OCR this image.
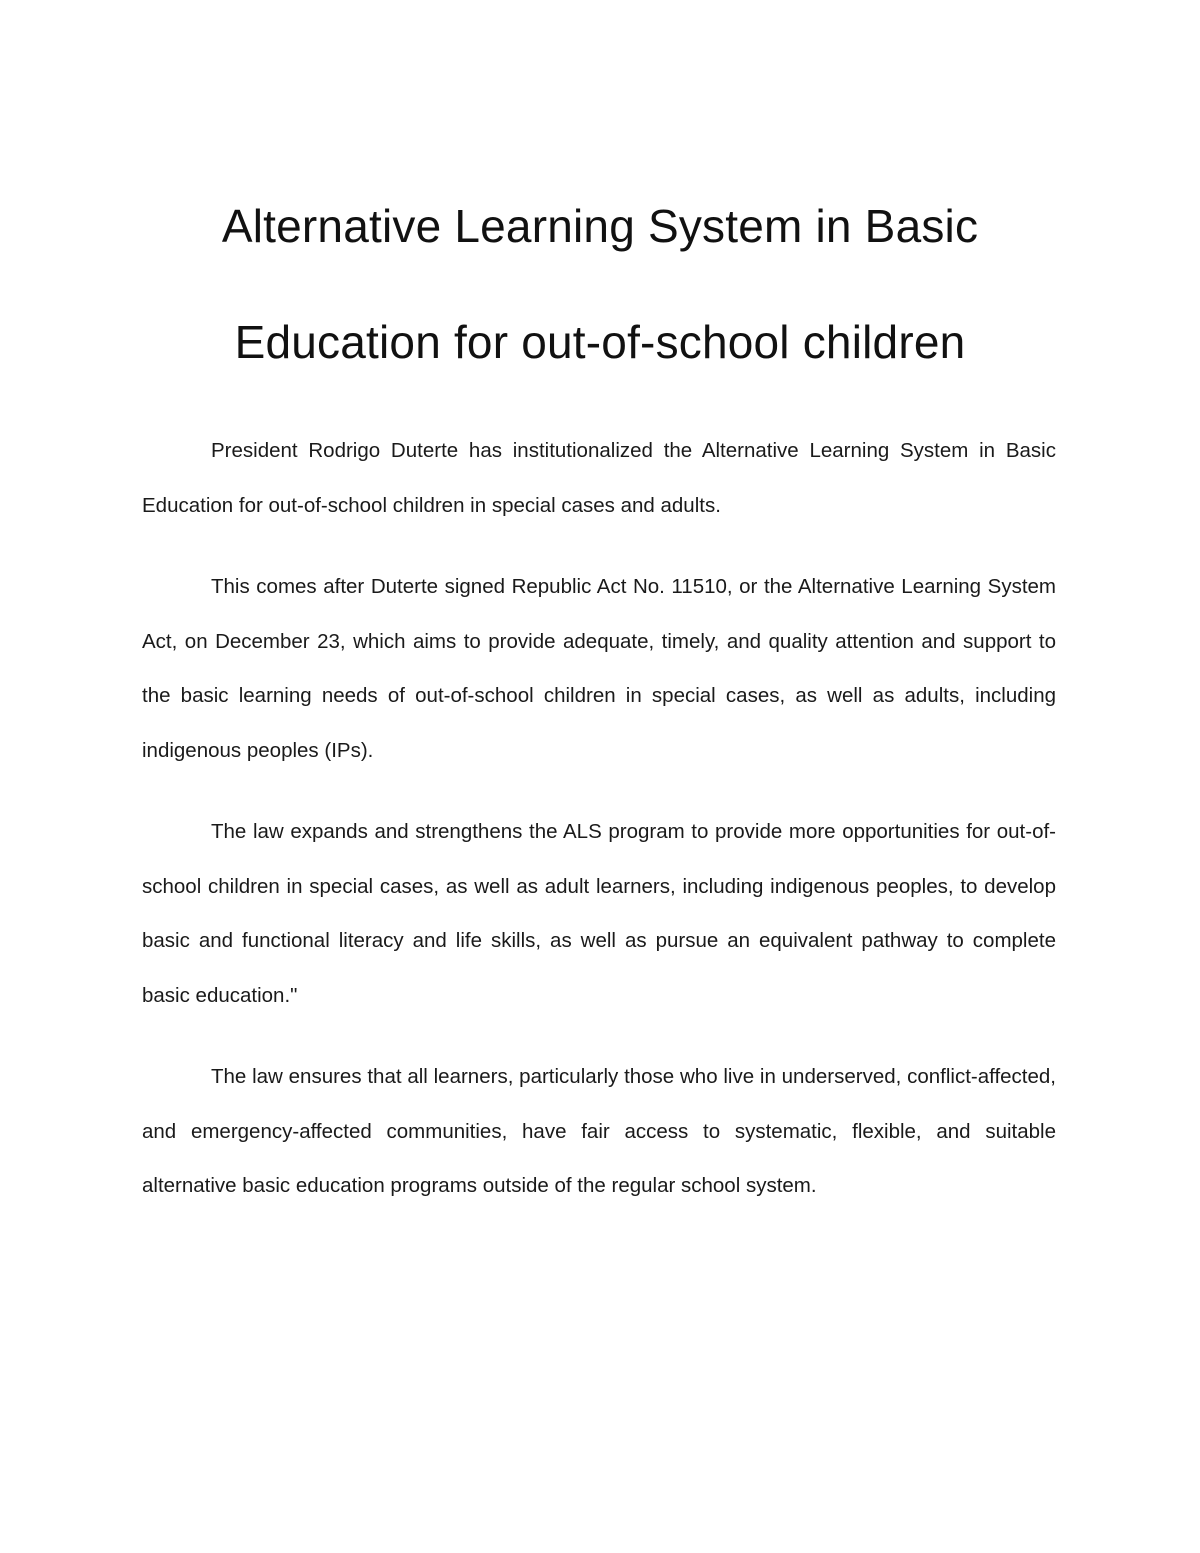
Alternative Learning System in Basic
Education for out-of-school children

President Rodrigo Duterte has institutionalized the Alternative Learning System in Basic Education for out-of-school children in special cases and adults.

This comes after Duterte signed Republic Act No. 11510, or the Alternative Learning System Act, on December 23, which aims to provide adequate, timely, and quality attention and support to the basic learning needs of out-of-school children in special cases, as well as adults, including indigenous peoples (IPs).

The law expands and strengthens the ALS program to provide more opportunities for out-of-school children in special cases, as well as adult learners, including indigenous peoples, to develop basic and functional literacy and life skills, as well as pursue an equivalent pathway to complete basic education."

The law ensures that all learners, particularly those who live in underserved, conflict-affected, and emergency-affected communities, have fair access to systematic, flexible, and suitable alternative basic education programs outside of the regular school system.
